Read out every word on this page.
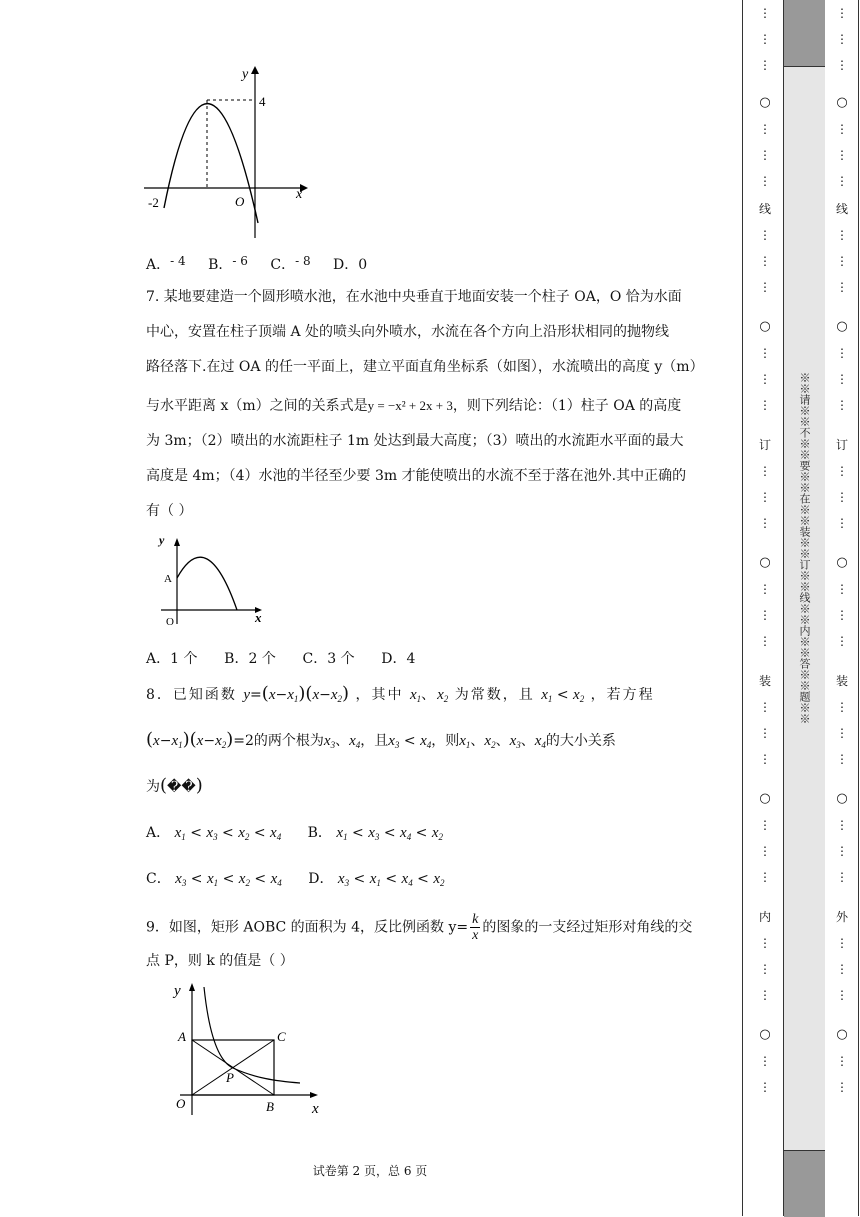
y
x
4
-2	O
A．- 4 B．- 6 C．- 8 D．0
7. 某地要建造一个圆形喷水池，在水池中央垂直于地面安装一个柱子 OA，O 恰为水面
中心，安置在柱子顶端 A 处的喷头向外喷水，水流在各个方向上沿形状相同的抛物线
路径落下.在过 OA 的任一平面上，建立平面直角坐标系（如图），水流喷出的高度 y（m）
与水平距离 x（m）之间的关系式是y = −x² + 2x + 3，则下列结论：（1）柱子 OA 的高度
为 3m；（2）喷出的水流距柱子 1m 处达到最大高度；（3）喷出的水流距水平面的最大
高度是 4m；（4）水池的半径至少要 3m 才能使喷出的水流不至于落在池外.其中正确的
有（ ）
y
x
A
O
A．1 个      B．2 个      C．3 个      D．4
8．已知函数 $y=(x-x_1)(x-x_2)$ ，其中 $x_1$、$x_2$ 为常数，且 $x_1 < x_2$ ，若方程
$(x-x_1)(x-x_2)=2$的两个根为$x_3$、$x_4$，且$x_3 < x_4$，则$x_1$、$x_2$、$x_3$、$x_4$的大小关系
为(��)
A． $x_1 < x_3 < x_2 < x_4$ B． $x_1 < x_3 < x_4 < x_2$
C． $x_3 < x_1 < x_2 < x_4$ D． $x_3 < x_1 < x_4 < x_2$
9．如图，矩形 AOBC 的面积为 4，反比例函数 $y= \frac{k}{x}$ 的图象的一支经过矩形对角线的交
点 P，则 k 的值是（ ）
y
x
A	C
P
O	B
试卷第 2 页，总 6 页
※※请※※不※※要※※在※※装※※订※※线※※内※※答※※题※※
⋮
⋮
⋮
○
⋮
⋮
⋮
线
⋮
⋮
⋮
○
⋮
⋮
⋮
订
⋮
⋮
⋮
○
⋮
⋮
⋮
装
⋮
⋮
⋮
○
⋮
⋮
⋮
内
⋮
⋮
⋮
○
⋮
⋮
⋮
⋮
⋮
○
⋮
⋮
⋮
线
⋮
⋮
⋮
○
⋮
⋮
⋮
订
⋮
⋮
⋮
○
⋮
⋮
⋮
装
⋮
⋮
⋮
○
⋮
⋮
⋮
外
⋮
⋮
⋮
○
⋮
⋮
